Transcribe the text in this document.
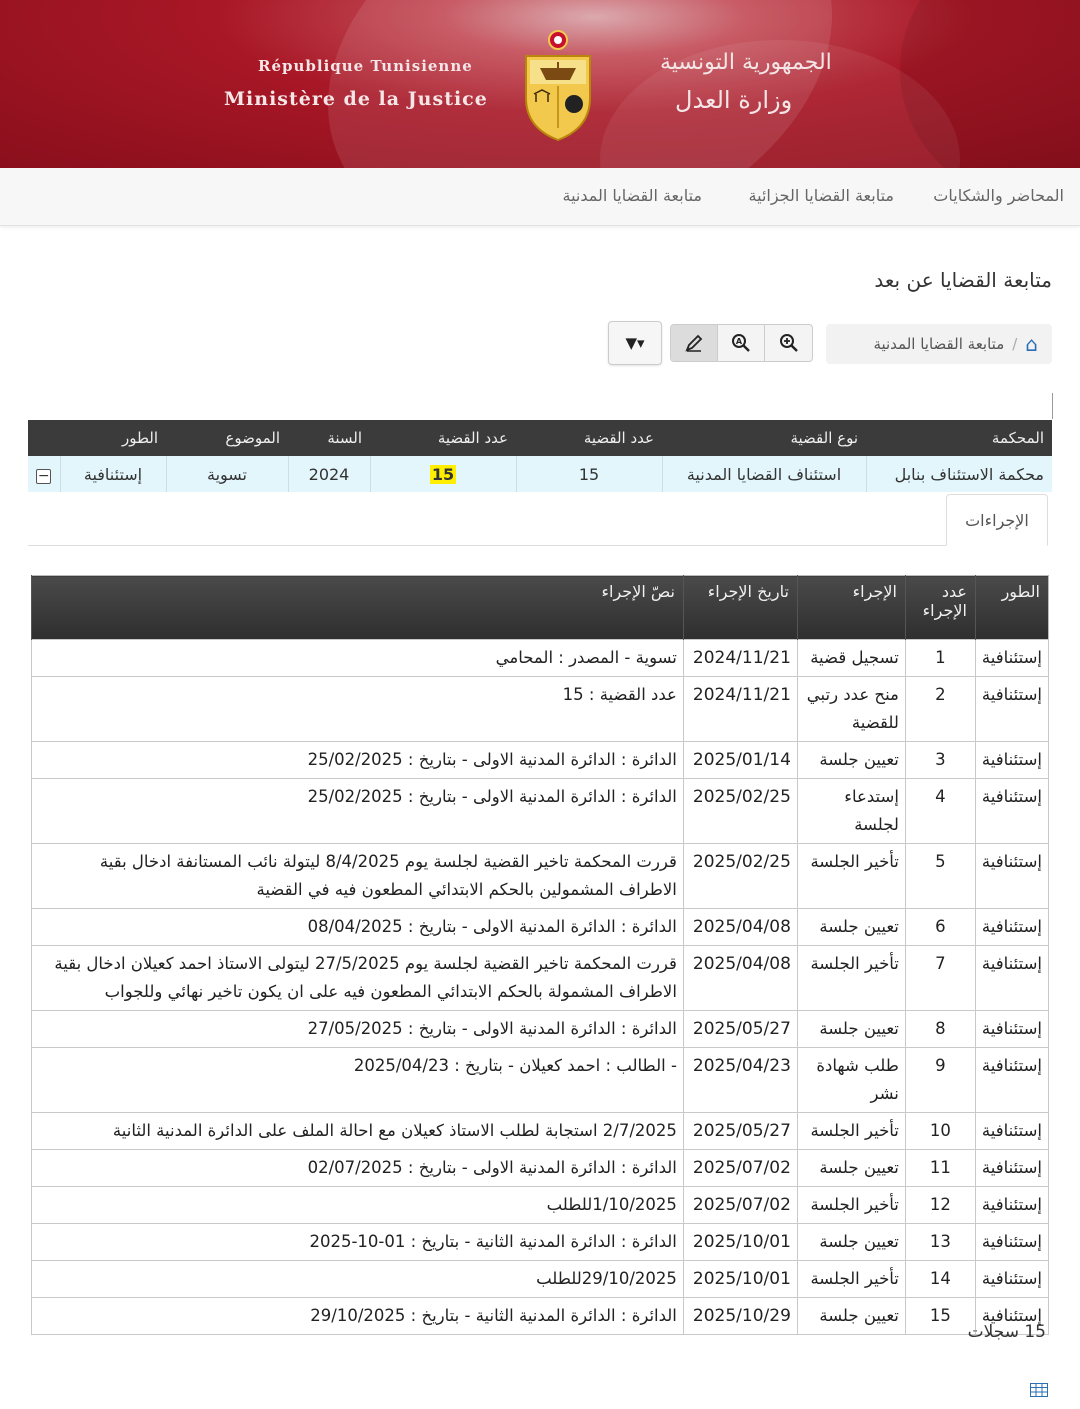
République Tunisienne
Ministère de la Justice
الجمهورية التونسية
وزارة العدل
المحاضر والشكايات
متابعة القضايا الجزائية
متابعة القضايا المدنية
متابعة القضايا عن بعد
▼▾	A	⌂
/
متابعة القضايا المدنية
المحكمة	نوع القضية	عدد القضية	عدد القضية	السنة	الموضوع	الطور	
محكمة الاستئناف بنابل	استئناف القضايا المدنية	15	15	2024	تسوية	إستئنافية	−
الإجراءات
الطور	عدد الإجراء	الإجراء	تاريخ الإجراء	نصّ الإجراء
إستئنافية	1	تسجيل قضية	2024/11/21	تسوية - المصدر : المحامي
إستئنافية	2	منح عدد رتبي للقضية	2024/11/21	عدد القضية : 15
إستئنافية	3	تعيين جلسة	2025/01/14	الدائرة : الدائرة المدنية الاولى - بتاريخ : 25/02/2025
إستئنافية	4	إستدعاء لجلسة	2025/02/25	الدائرة : الدائرة المدنية الاولى - بتاريخ : 25/02/2025
إستئنافية	5	تأخير الجلسة	2025/02/25	قررت المحكمة تاخير القضية لجلسة يوم 8/4/2025 ليتولة نائب المستانفة ادخال بقية الاطراف المشمولين بالحكم الابتدائي المطعون فيه في القضية
إستئنافية	6	تعيين جلسة	2025/04/08	الدائرة : الدائرة المدنية الاولى - بتاريخ : 08/04/2025
إستئنافية	7	تأخير الجلسة	2025/04/08	قررت المحكمة تاخير القضية لجلسة يوم 27/5/2025 ليتولى الاستاذ احمد كعيلان ادخال بقية الاطراف المشمولة بالحكم الابتدائي المطعون فيه على ان يكون تاخير نهائي وللجواب
إستئنافية	8	تعيين جلسة	2025/05/27	الدائرة : الدائرة المدنية الاولى - بتاريخ : 27/05/2025
إستئنافية	9	طلب شهادة نشر	2025/04/23	- الطالب : احمد كعيلان - بتاريخ : 2025/04/23
إستئنافية	10	تأخير الجلسة	2025/05/27	2/7/2025 استجابة لطلب الاستاذ كعيلان مع احالة الملف على الدائرة المدنية الثانية
إستئنافية	11	تعيين جلسة	2025/07/02	الدائرة : الدائرة المدنية الاولى - بتاريخ : 02/07/2025
إستئنافية	12	تأخير الجلسة	2025/07/02	1/10/2025للطلب
إستئنافية	13	تعيين جلسة	2025/10/01	الدائرة : الدائرة المدنية الثانية - بتاريخ : 01-10-2025
إستئنافية	14	تأخير الجلسة	2025/10/01	29/10/2025للطلب
إستئنافية	15	تعيين جلسة	2025/10/29	الدائرة : الدائرة المدنية الثانية - بتاريخ : 29/10/2025
15 سجلات
